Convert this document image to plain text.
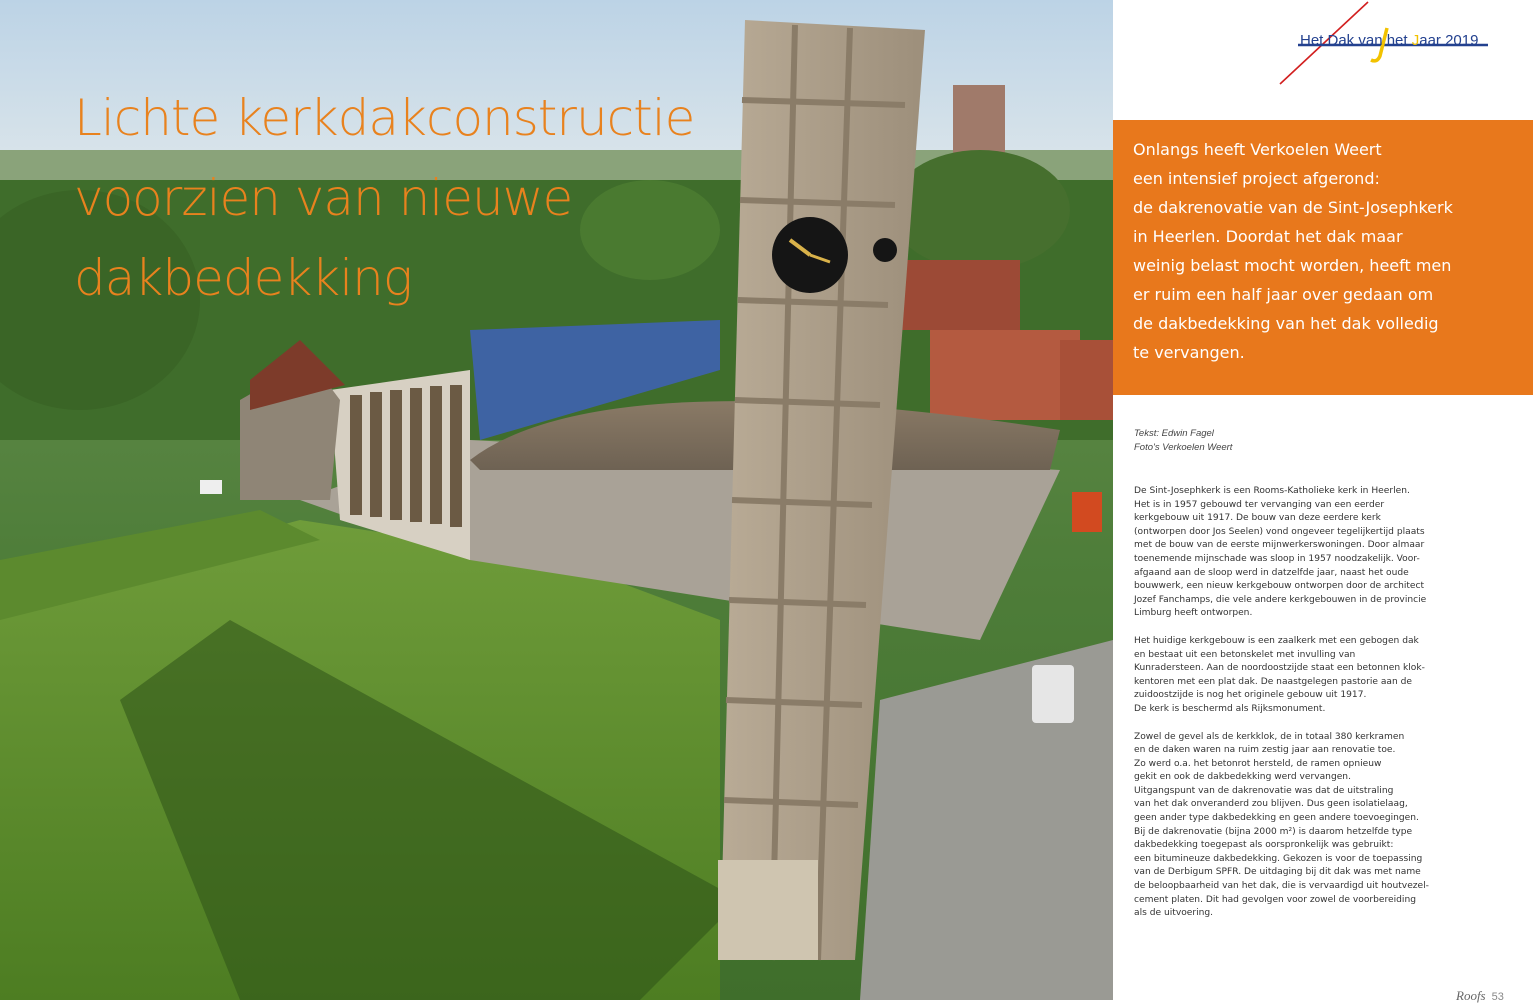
Lichte kerkdakconstructie
voorzien van nieuwe
dakbedekking
Het Dak van het Jaar 2019
Onlangs heeft Verkoelen Weert
een intensief project afgerond:
de dakrenovatie van de Sint-Josephkerk
in Heerlen. Doordat het dak maar
weinig belast mocht worden, heeft men
er ruim een half jaar over gedaan om
de dakbedekking van het dak volledig
te vervangen.
Tekst: Edwin Fagel
Foto's Verkoelen Weert
De Sint-Josephkerk is een Rooms-Katholieke kerk in Heerlen.
Het is in 1957 gebouwd ter vervanging van een eerder
kerkgebouw uit 1917. De bouw van deze eerdere kerk
(ontworpen door Jos Seelen) vond ongeveer tegelijkertijd plaats
met de bouw van de eerste mijnwerkerswoningen. Door almaar
toenemende mijnschade was sloop in 1957 noodzakelijk. Voor-
afgaand aan de sloop werd in datzelfde jaar, naast het oude
bouwwerk, een nieuw kerkgebouw ontworpen door de architect
Jozef Fanchamps, die vele andere kerkgebouwen in de provincie
Limburg heeft ontworpen.
Het huidige kerkgebouw is een zaalkerk met een gebogen dak
en bestaat uit een betonskelet met invulling van
Kunradersteen. Aan de noordoostzijde staat een betonnen klok-
kentoren met een plat dak. De naastgelegen pastorie aan de
zuidoostzijde is nog het originele gebouw uit 1917.
De kerk is beschermd als Rijksmonument.
Zowel de gevel als de kerkklok, de in totaal 380 kerkramen
en de daken waren na ruim zestig jaar aan renovatie toe.
Zo werd o.a. het betonrot hersteld, de ramen opnieuw
gekit en ook de dakbedekking werd vervangen.
Uitgangspunt van de dakrenovatie was dat de uitstraling
van het dak onveranderd zou blijven. Dus geen isolatielaag,
geen ander type dakbedekking en geen andere toevoegingen.
Bij de dakrenovatie (bijna 2000 m²) is daarom hetzelfde type
dakbedekking toegepast als oorspronkelijk was gebruikt:
een bitumineuze dakbedekking. Gekozen is voor de toepassing
van de Derbigum SPFR. De uitdaging bij dit dak was met name
de beloopbaarheid van het dak, die is vervaardigd uit houtvezel-
cement platen. Dit had gevolgen voor zowel de voorbereiding
als de uitvoering.
Roofs 53
